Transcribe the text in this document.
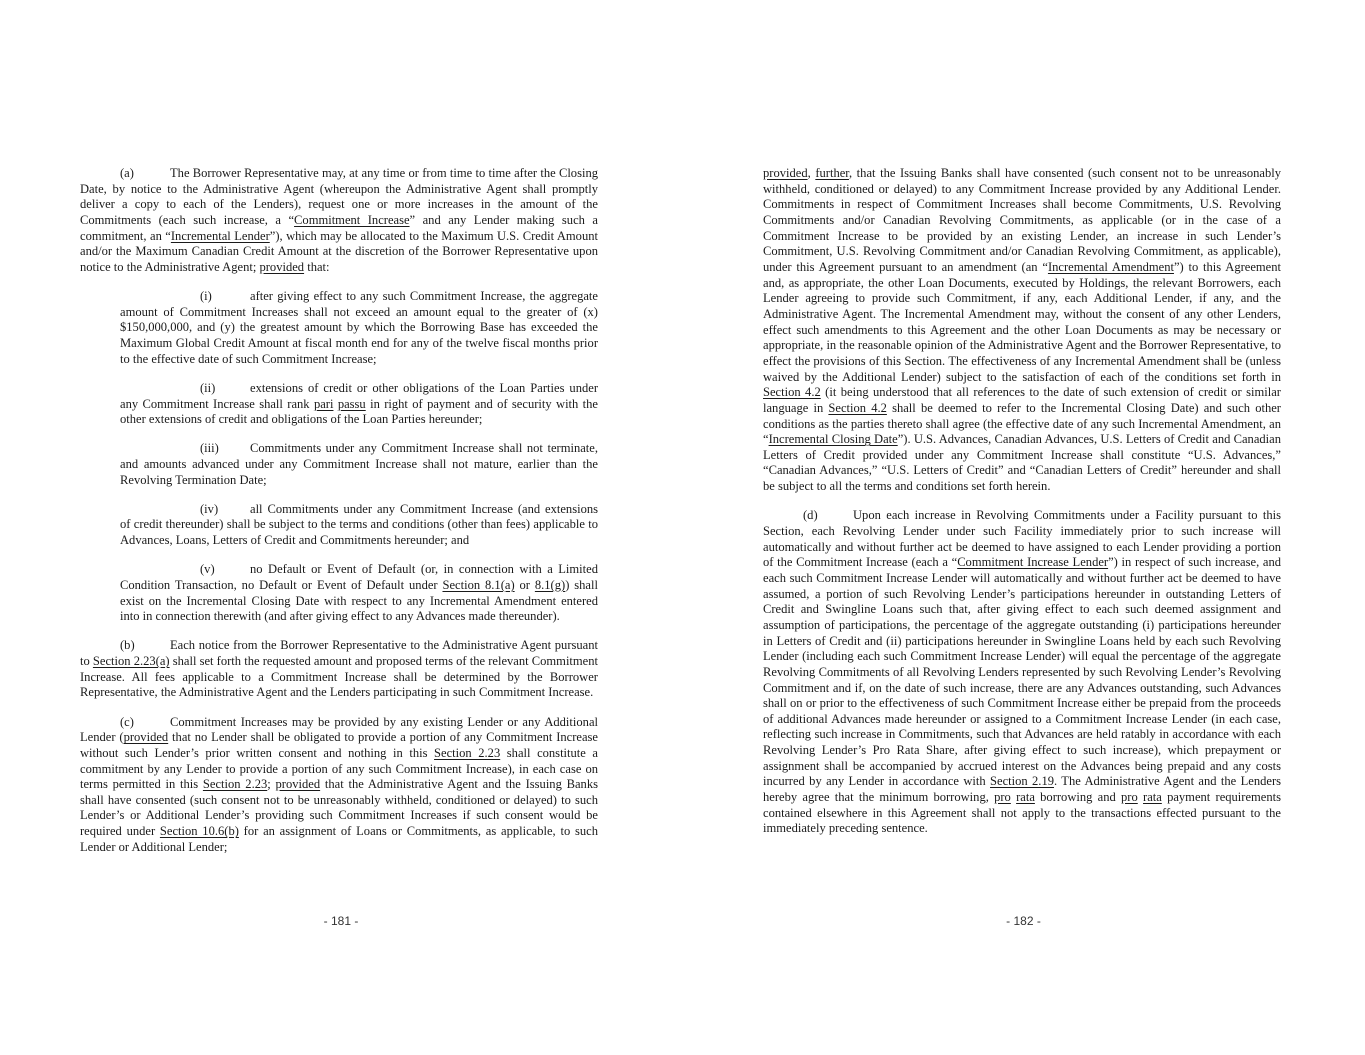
(a)	The Borrower Representative may, at any time or from time to time after the Closing Date, by notice to the Administrative Agent (whereupon the Administrative Agent shall promptly deliver a copy to each of the Lenders), request one or more increases in the amount of the Commitments (each such increase, a “Commitment Increase” and any Lender making such a commitment, an “Incremental Lender”), which may be allocated to the Maximum U.S. Credit Amount and/or the Maximum Canadian Credit Amount at the discretion of the Borrower Representative upon notice to the Administrative Agent; provided that:

(i)	after giving effect to any such Commitment Increase, the aggregate amount of Commitment Increases shall not exceed an amount equal to the greater of (x) $150,000,000, and (y) the greatest amount by which the Borrowing Base has exceeded the Maximum Global Credit Amount at fiscal month end for any of the twelve fiscal months prior to the effective date of such Commitment Increase;

(ii)	extensions of credit or other obligations of the Loan Parties under any Commitment Increase shall rank pari passu in right of payment and of security with the other extensions of credit and obligations of the Loan Parties hereunder;

(iii) Commitments under any Commitment Increase shall not terminate, and amounts advanced under any Commitment Increase shall not mature, earlier than the Revolving Termination Date;

(iv)	all Commitments under any Commitment Increase (and extensions of credit thereunder) shall be subject to the terms and conditions (other than fees) applicable to Advances, Loans, Letters of Credit and Commitments hereunder; and

(v)	no Default or Event of Default (or, in connection with a Limited Condition Transaction, no Default or Event of Default under Section 8.1(a) or 8.1(g)) shall exist on the Incremental Closing Date with respect to any Incremental Amendment entered into in connection therewith (and after giving effect to any Advances made thereunder).

(b)	Each notice from the Borrower Representative to the Administrative Agent pursuant to Section 2.23(a) shall set forth the requested amount and proposed terms of the relevant Commitment Increase. All fees applicable to a Commitment Increase shall be determined by the Borrower Representative, the Administrative Agent and the Lenders participating in such Commitment Increase.

(c)	Commitment Increases may be provided by any existing Lender or any Additional Lender (provided that no Lender shall be obligated to provide a portion of any Commitment Increase without such Lender’s prior written consent and nothing in this Section 2.23 shall constitute a commitment by any Lender to provide a portion of any such Commitment Increase), in each case on terms permitted in this Section 2.23; provided that the Administrative Agent and the Issuing Banks shall have consented (such consent not to be unreasonably withheld, conditioned or delayed) to such Lender’s or Additional Lender’s providing such Commitment Increases if such consent would be required under Section 10.6(b) for an assignment of Loans or Commitments, as applicable, to such Lender or Additional Lender;

- 181 -

provided, further, that the Issuing Banks shall have consented (such consent not to be unreasonably withheld, conditioned or delayed) to any Commitment Increase provided by any Additional Lender. Commitments in respect of Commitment Increases shall become Commitments, U.S. Revolving Commitments and/or Canadian Revolving Commitments, as applicable (or in the case of a Commitment Increase to be provided by an existing Lender, an increase in such Lender’s Commitment, U.S. Revolving Commitment and/or Canadian Revolving Commitment, as applicable), under this Agreement pursuant to an amendment (an “Incremental Amendment”) to this Agreement and, as appropriate, the other Loan Documents, executed by Holdings, the relevant Borrowers, each Lender agreeing to provide such Commitment, if any, each Additional Lender, if any, and the Administrative Agent. The Incremental Amendment may, without the consent of any other Lenders, effect such amendments to this Agreement and the other Loan Documents as may be necessary or appropriate, in the reasonable opinion of the Administrative Agent and the Borrower Representative, to effect the provisions of this Section. The effectiveness of any Incremental Amendment shall be (unless waived by the Additional Lender) subject to the satisfaction of each of the conditions set forth in Section 4.2 (it being understood that all references to the date of such extension of credit or similar language in Section 4.2 shall be deemed to refer to the Incremental Closing Date) and such other conditions as the parties thereto shall agree (the effective date of any such Incremental Amendment, an “Incremental Closing Date”). U.S. Advances, Canadian Advances, U.S. Letters of Credit and Canadian Letters of Credit provided under any Commitment Increase shall constitute “U.S. Advances,” “Canadian Advances,” “U.S. Letters of Credit” and “Canadian Letters of Credit” hereunder and shall be subject to all the terms and conditions set forth herein.

(d)	Upon each increase in Revolving Commitments under a Facility pursuant to this Section, each Revolving Lender under such Facility immediately prior to such increase will automatically and without further act be deemed to have assigned to each Lender providing a portion of the Commitment Increase (each a “Commitment Increase Lender”) in respect of such increase, and each such Commitment Increase Lender will automatically and without further act be deemed to have assumed, a portion of such Revolving Lender’s participations hereunder in outstanding Letters of Credit and Swingline Loans such that, after giving effect to each such deemed assignment and assumption of participations, the percentage of the aggregate outstanding (i) participations hereunder in Letters of Credit and (ii) participations hereunder in Swingline Loans held by each such Revolving Lender (including each such Commitment Increase Lender) will equal the percentage of the aggregate Revolving Commitments of all Revolving Lenders represented by such Revolving Lender’s Revolving Commitment and if, on the date of such increase, there are any Advances outstanding, such Advances shall on or prior to the effectiveness of such Commitment Increase either be prepaid from the proceeds of additional Advances made hereunder or assigned to a Commitment Increase Lender (in each case, reflecting such increase in Commitments, such that Advances are held ratably in accordance with each Revolving Lender’s Pro Rata Share, after giving effect to such increase), which prepayment or assignment shall be accompanied by accrued interest on the Advances being prepaid and any costs incurred by any Lender in accordance with Section 2.19. The Administrative Agent and the Lenders hereby agree that the minimum borrowing, pro rata borrowing and pro rata payment requirements contained elsewhere in this Agreement shall not apply to the transactions effected pursuant to the immediately preceding sentence.

- 182 -
